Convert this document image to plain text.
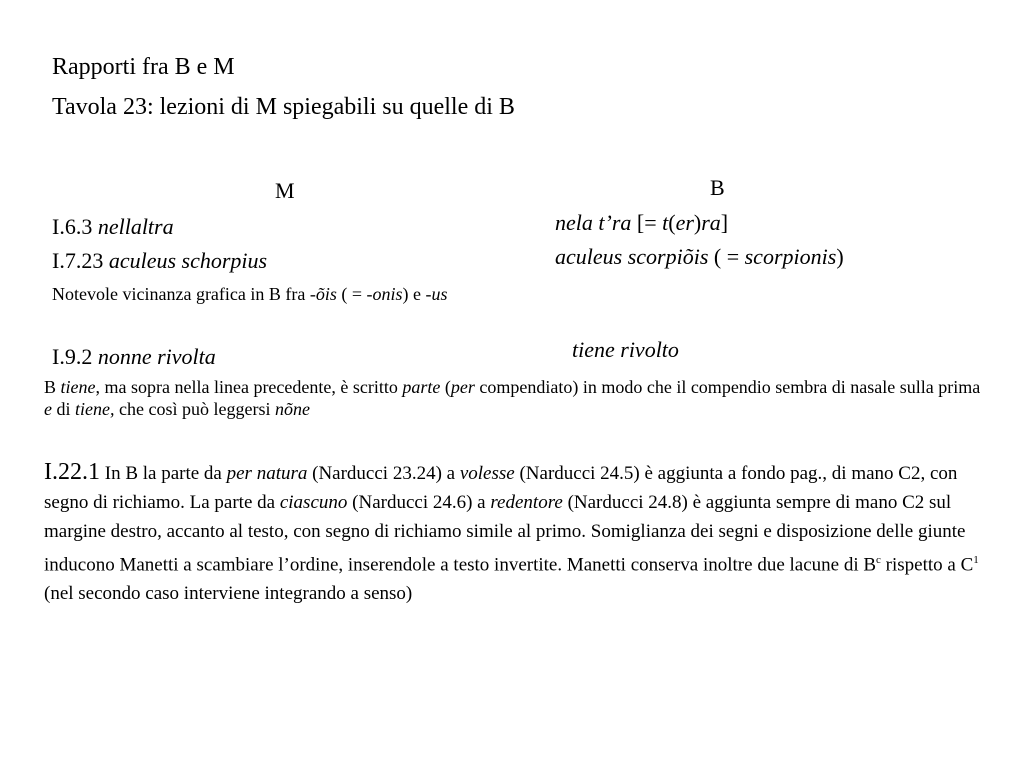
Rapporti fra B e M
Tavola 23: lezioni di M spiegabili su quelle di B
M	B
I.6.3 nellaltra	nela t’ra [= t(er)ra]
I.7.23 aculeus schorpius	aculeus scorpiõis ( = scorpionis)
Notevole vicinanza grafica in B fra -õis ( = -onis) e -us
I.9.2 nonne rivolta	tiene rivolto
B tiene, ma sopra nella linea precedente, è scritto parte (per compendiato) in modo che il compendio sembra di nasale sulla prima e di tiene, che così può leggersi nõne
I.22.1 In B la parte da per natura (Narducci 23.24) a volesse (Narducci 24.5) è aggiunta a fondo pag., di mano C2, con segno di richiamo. La parte da ciascuno (Narducci 24.6) a redentore (Narducci 24.8) è aggiunta sempre di mano C2 sul margine destro, accanto al testo, con segno di richiamo simile al primo. Somiglianza dei segni e disposizione delle giunte inducono Manetti a scambiare l’ordine, inserendole a testo invertite. Manetti conserva inoltre due lacune di $B^c$ rispetto a $C^1$ (nel secondo caso interviene integrando a senso)
